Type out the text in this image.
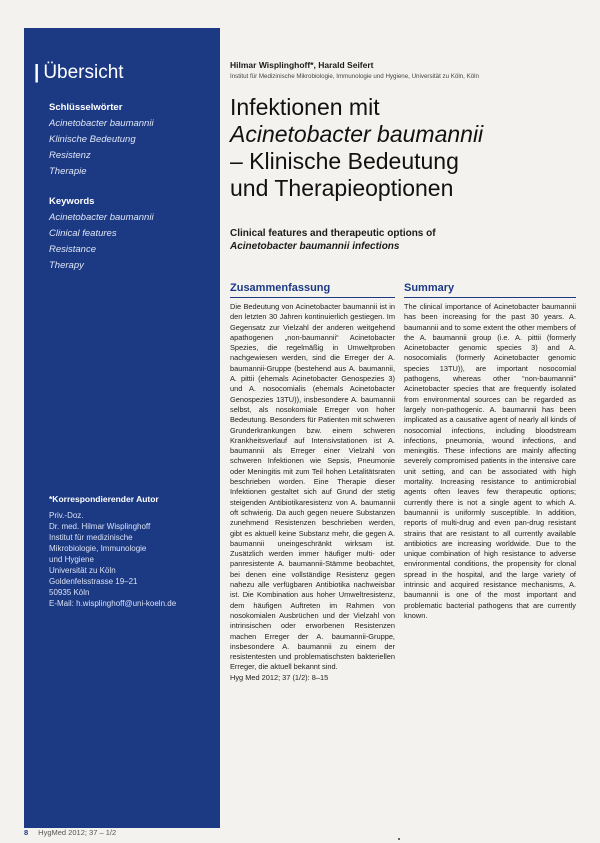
| Übersicht
Schlüsselwörter
Acinetobacter baumannii
Klinische Bedeutung
Resistenz
Therapie
Keywords
Acinetobacter baumannii
Clinical features
Resistance
Therapy
*Korrespondierender Autor
Priv.-Doz.
Dr. med. Hilmar Wisplinghoff
Institut für medizinische
Mikrobiologie, Immunologie
und Hygiene
Universität zu Köln
Goldenfelsstrasse 19–21
50935 Köln
E-Mail: h.wisplinghoff@uni-koeln.de
8 HygMed 2012; 37 – 1/2
Hilmar Wisplinghoff*, Harald Seifert
Institut für Medizinische Mikrobiologie, Immunologie und Hygiene, Universität zu Köln, Köln
Infektionen mit
Acinetobacter baumannii
– Klinische Bedeutung
und Therapieoptionen
Clinical features and therapeutic options of
Acinetobacter baumannii infections
Zusammenfassung
Die Bedeutung von Acinetobacter baumannii ist in den letzten 30 Jahren kontinuierlich gestiegen. Im Gegensatz zur Vielzahl der anderen weitgehend apathogenen „non-baumannii“ Acinetobacter Spezies, die regelmäßig in Umweltproben nachgewiesen werden, sind die Erreger der A. baumannii-Gruppe (bestehend aus A. baumannii, A. pittii (ehemals Acinetobacter Genospezies 3) und A. nosocomialis (ehemals Acinetobacter Genospezies 13TU)), insbesondere A. baumannii selbst, als nosokomiale Erreger von hoher Bedeutung. Besonders für Patienten mit schweren Grunderkrankungen bzw. einem schweren Krankheitsverlauf auf Intensivstationen ist A. baumannii als Erreger einer Vielzahl von schweren Infektionen wie Sepsis, Pneumonie oder Meningitis mit zum Teil hohen Letalitätsraten beschrieben worden. Eine Therapie dieser Infektionen gestaltet sich auf Grund der stetig steigenden Antibiotikaresistenz von A. baumannii oft schwierig. Da auch gegen neuere Substanzen zunehmend Resistenzen beschrieben werden, gibt es aktuell keine Substanz mehr, die gegen A. baumannii uneingeschränkt wirksam ist. Zusätzlich werden immer häufiger multi- oder panresistente A. baumannii-Stämme beobachtet, bei denen eine vollständige Resistenz gegen nahezu alle verfügbaren Antibiotika nachweisbar ist. Die Kombination aus hoher Umweltresistenz, dem häufigen Auftreten im Rahmen von nosokomialen Ausbrüchen und der Vielzahl von intrinsischen oder erworbenen Resistenzen machen Erreger der A. baumannii-Gruppe, insbesondere A. baumannii zu einem der resistentesten und problematischsten bakteriellen Erreger, die aktuell bekannt sind.
Hyg Med 2012; 37 (1/2): 8–15
Summary
The clinical importance of Acinetobacter baumannii has been increasing for the past 30 years. A. baumannii and to some extent the other members of the A. baumannii group (i.e. A. pittii (formerly Acinetobacter genomic species 3) and A. nosocomialis (formerly Acinetobacter genomic species 13TU)), are important nosocomial pathogens, whereas other “non-baumannii” Acinetobacter species that are frequently isolated from environmental sources can be regarded as largely non-pathogenic. A. baumannii has been implicated as a causative agent of nearly all kinds of nosocomial infections, including bloodstream infections, pneumonia, wound infections, and meningitis. These infections are mainly affecting severely compromised patients in the intensive care unit setting, and can be associated with high mortality. Increasing resistance to antimicrobial agents often leaves few therapeutic options; currently there is not a single agent to which A. baumannii is uniformly susceptible. In addition, reports of multi-drug and even pan-drug resistant strains that are resistant to all currently available antibiotics are increasing worldwide. Due to the unique combination of high resistance to adverse environmental conditions, the propensity for clonal spread in the hospital, and the large variety of intrinsic and acquired resistance mechanisms, A. baumannii is one of the most important and problematic bacterial pathogens that are currently known.
